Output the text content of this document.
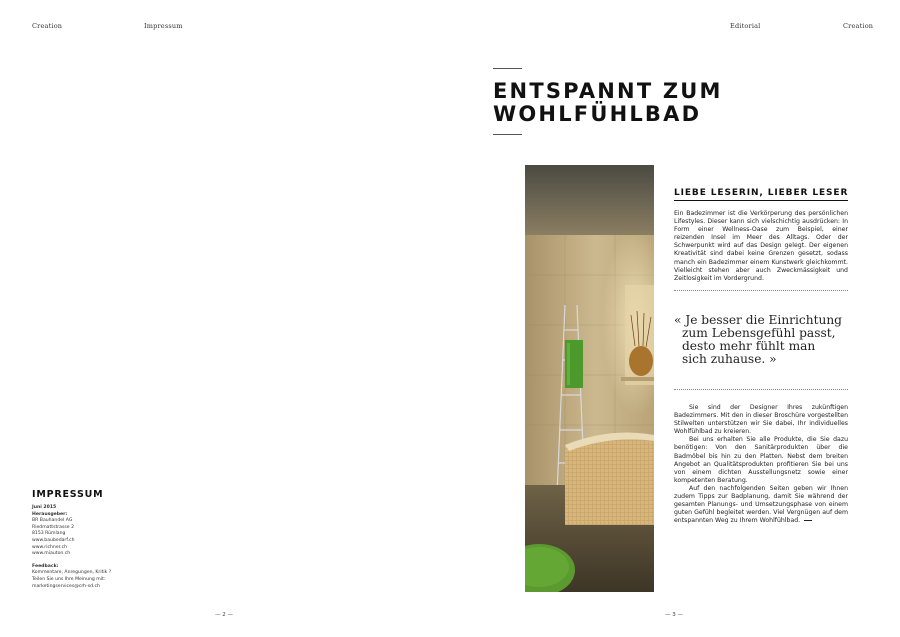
Creation	Impressum	Editorial	Creation
ENTSPANNT ZUM
WOHLFÜHLBAD
LIEBE LESERIN, LIEBER LESER
Ein Badezimmer ist die Verkörperung des persönlichen Lifestyles. Dieser kann sich vielschichtig ausdrücken: In Form einer Wellness-Oase zum Beispiel, einer reizenden Insel im Meer des Alltags. Oder der Schwerpunkt wird auf das Design gelegt. Der eigenen Kreativität sind dabei keine Grenzen gesetzt, sodass manch ein Badezimmer einem Kunstwerk gleichkommt. Vielleicht stehen aber auch Zweckmässigkeit und Zeitlosigkeit im Vordergrund.
« Je besser die Einrichtung
zum Lebensgefühl passt,
desto mehr fühlt man
sich zuhause. »
Sie sind der Designer Ihres zukünftigen Badezimmers. Mit den in dieser Broschüre vorgestellten Stilwelten unterstützen wir Sie dabei, Ihr individuelles Wohlfühlbad zu kreieren.
Bei uns erhalten Sie alle Produkte, die Sie dazu benötigen: Von den Sanitärprodukten über die Badmöbel bis hin zu den Platten. Nebst dem breiten Angebot an Qualitätsprodukten profitieren Sie bei uns von einem dichten Ausstellungsnetz sowie einer kompetenten Beratung.
Auf den nachfolgenden Seiten geben wir Ihnen zudem Tipps zur Badplanung, damit Sie während der gesamten Planungs- und Umsetzungsphase von einem guten Gefühl begleitet werden. Viel Vergnügen auf dem entspannten Weg zu Ihrem Wohlfühlbad.
IMPRESSUM
Juni 2015
Herausgeber:
BR Bauhandel AG
Riedmattstrasse 2
8153 Rümlang
www.baubedarf.ch
www.richner.ch
www.miauton.ch
Feedback:
Kommentare, Anregungen, Kritik ?
Teilen Sie uns Ihre Meinung mit:
marketingservices@crh-sd.ch
— 2 —	— 3 —
